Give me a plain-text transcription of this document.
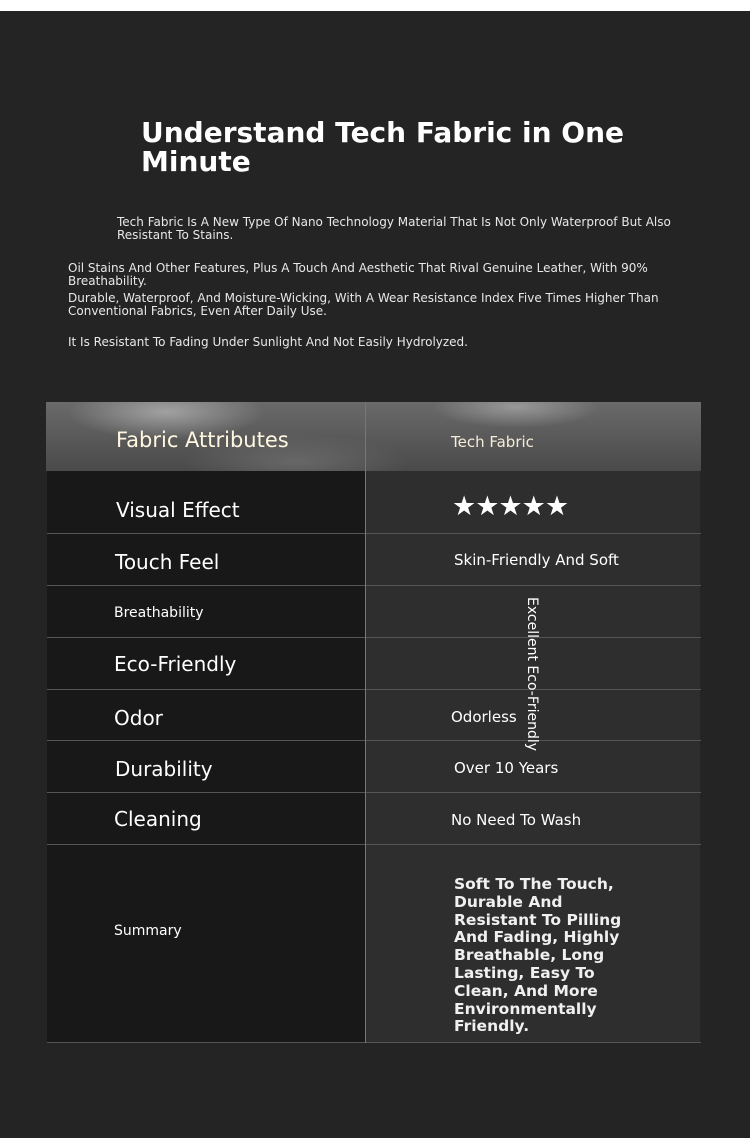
Understand Tech Fabric in One Minute

Tech Fabric Is A New Type Of Nano Technology Material That Is Not Only Waterproof But Also Resistant To Stains.

Oil Stains And Other Features, Plus A Touch And Aesthetic That Rival Genuine Leather, With 90% Breathability.

Durable, Waterproof, And Moisture-Wicking, With A Wear Resistance Index Five Times Higher Than Conventional Fabrics, Even After Daily Use.

It Is Resistant To Fading Under Sunlight And Not Easily Hydrolyzed.

Fabric Attributes	Tech Fabric
Visual Effect
Touch Feel
Breathability
Eco-Friendly
Odor
Durability
Cleaning
Summary
★★★★★
Skin-Friendly And Soft
Odorless
Over 10 Years
No Need To Wash
Excellent Eco-Friendly
Soft To The Touch, Durable And Resistant To Pilling And Fading, Highly Breathable, Long Lasting, Easy To Clean, And More Environmentally Friendly.
